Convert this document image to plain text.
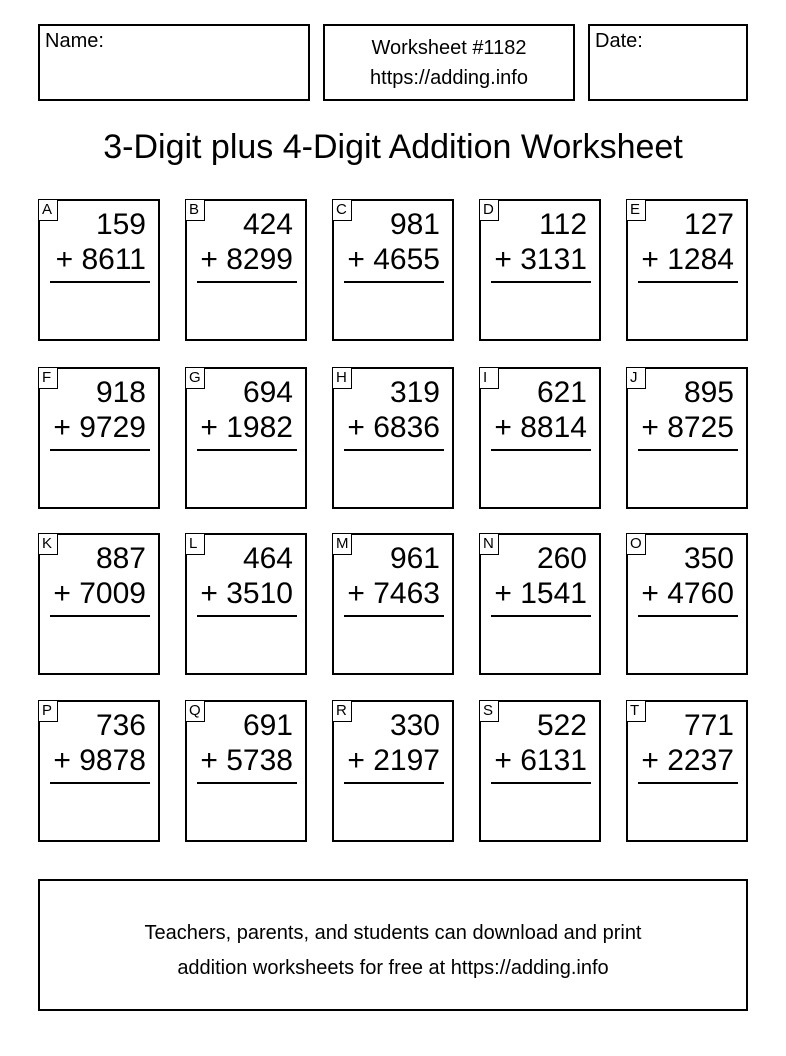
Name:	Worksheet #1182
https://adding.info
Date:
3-Digit plus 4-Digit Addition Worksheet
A 159
+ 8611
B 424
+ 8299
C 981
+ 4655
D 112
+ 3131
E 127
+ 1284
F 918
+ 9729
G 694
+ 1982
H 319
+ 6836
I	621
+ 8814
J 895
+ 8725
K 887
+ 7009
L 464
+ 3510
M 961
+ 7463
N 260
+ 1541
O 350
+ 4760
P 736
+ 9878
Q 691
+ 5738
R 330
+ 2197
S 522
+ 6131
T 771
+ 2237
Teachers, parents, and students can download and print
addition worksheets for free at https://adding.info
